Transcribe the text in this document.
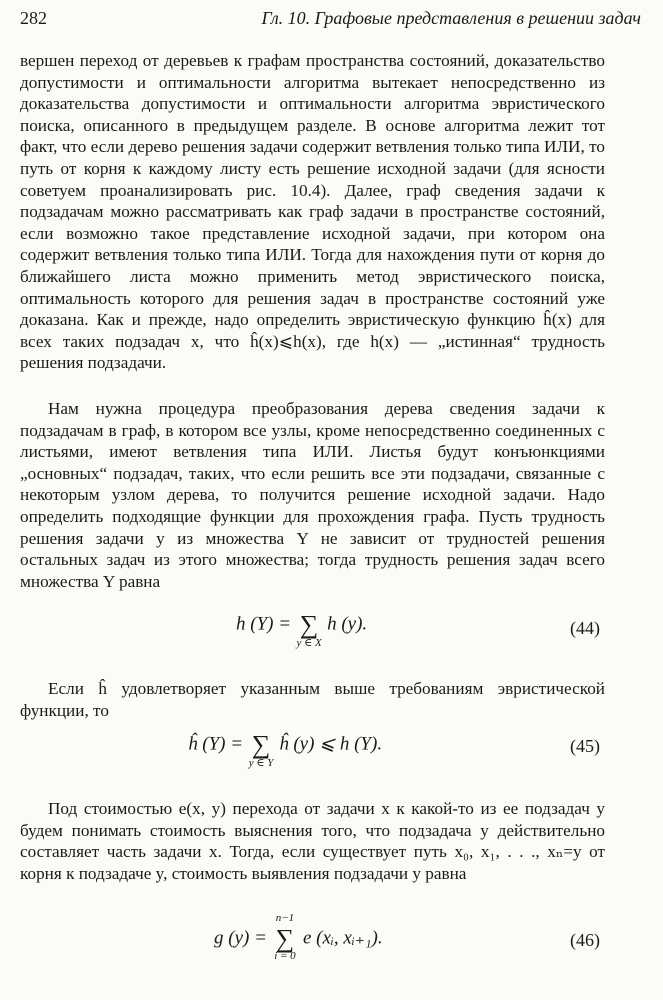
282	Гл. 10. Графовые представления в решении задач

вершен переход от деревьев к графам пространства состояний, доказательство допустимости и оптимальности алгоритма вытекает непосредственно из доказательства допустимости и оптимальности алгоритма эвристического поиска, описанного в предыдущем разделе. В основе алгоритма лежит тот факт, что если дерево решения задачи содержит ветвления только типа ИЛИ, то путь от корня к каждому листу есть решение исходной задачи (для ясности советуем проанализировать рис. 10.4). Далее, граф сведения задачи к подзадачам можно рассматривать как граф задачи в пространстве состояний, если возможно такое представление исходной задачи, при котором она содержит ветвления только типа ИЛИ. Тогда для нахождения пути от корня до ближайшего листа можно применить метод эвристического поиска, оптимальность которого для решения задач в пространстве состояний уже доказана. Как и прежде, надо определить эвристическую функцию ĥ(x) для всех таких подзадач x, что ĥ(x)⩽h(x), где h(x) — „истинная“ трудность решения подзадачи.

Нам нужна процедура преобразования дерева сведения задачи к подзадачам в граф, в котором все узлы, кроме непосредственно соединенных с листьями, имеют ветвления типа ИЛИ. Листья будут конъюнкциями „основных“ подзадач, таких, что если решить все эти подзадачи, связанные с некоторым узлом дерева, то получится решение исходной задачи. Надо определить подходящие функции для прохождения графа. Пусть трудность решения задачи y из множества Y не зависит от трудностей решения остальных задач из этого множества; тогда трудность решения задач всего множества Y равна

h (Y) = ∑
y ∈ X
h (y).	(44)

Если ĥ удовлетворяет указанным выше требованиям эвристической функции, то

ĥ (Y) = ∑
y ∈ Y
ĥ (y) ⩽ h (Y).	(45)

Под стоимостью e(x, y) перехода от задачи x к какой-то из ее подзадач y будем понимать стоимость выяснения того, что подзадача y действительно составляет часть задачи x. Тогда, если существует путь x₀, x₁, . . ., xₙ=y от корня к подзадаче y, стоимость выявления подзадачи y равна

g (y) =
n−1
∑
i = 0
e (xᵢ, xᵢ₊₁).	(46)
